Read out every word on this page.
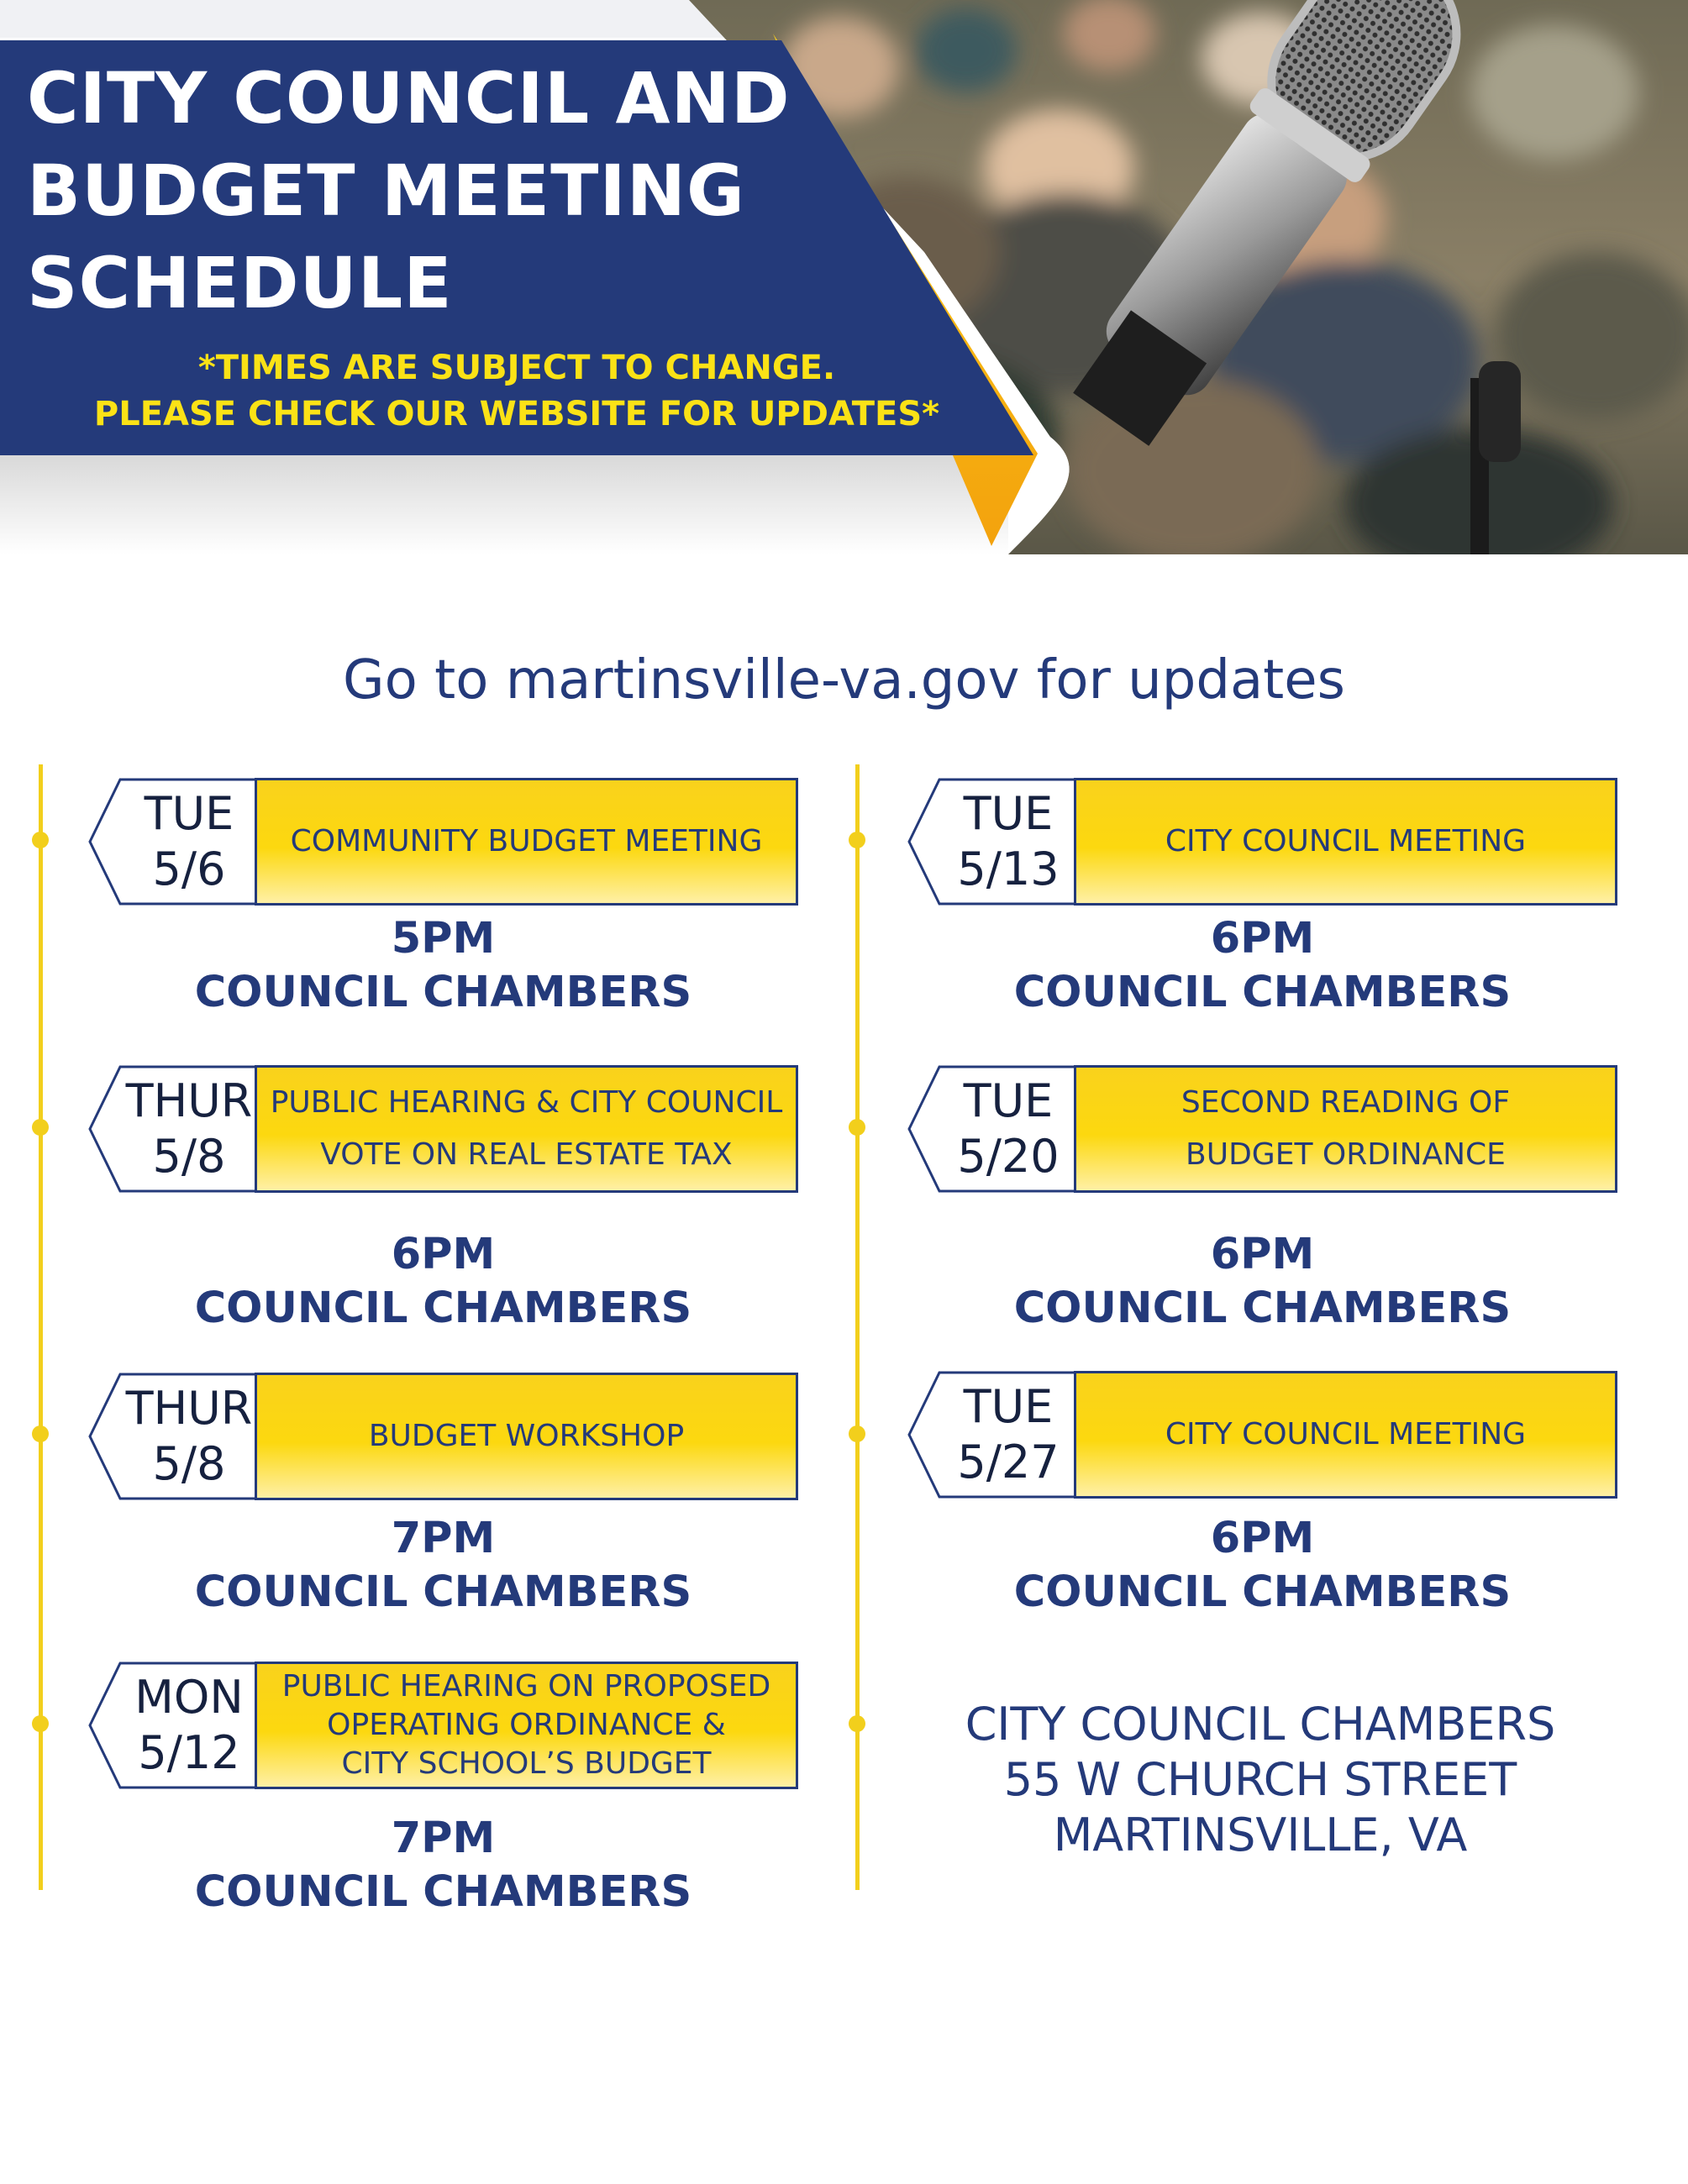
CITY COUNCIL AND
BUDGET MEETING
SCHEDULE
*TIMES ARE SUBJECT TO CHANGE.
PLEASE CHECK OUR WEBSITE FOR UPDATES*
Go to martinsville-va.gov for updates
TUE
5/6
COMMUNITY BUDGET MEETING
5PM
COUNCIL CHAMBERS
THUR
5/8
PUBLIC HEARING & CITY COUNCIL
VOTE ON REAL ESTATE TAX
6PM
COUNCIL CHAMBERS
THUR
5/8
BUDGET WORKSHOP
7PM
COUNCIL CHAMBERS
MON
5/12
PUBLIC HEARING ON PROPOSED
OPERATING ORDINANCE &
CITY SCHOOL’S BUDGET
7PM
COUNCIL CHAMBERS
TUE
5/13
CITY COUNCIL MEETING
6PM
COUNCIL CHAMBERS
TUE
5/20
SECOND READING OF
BUDGET ORDINANCE
6PM
COUNCIL CHAMBERS
TUE
5/27
CITY COUNCIL MEETING
6PM
COUNCIL CHAMBERS
CITY COUNCIL CHAMBERS
55 W CHURCH STREET
MARTINSVILLE, VA
